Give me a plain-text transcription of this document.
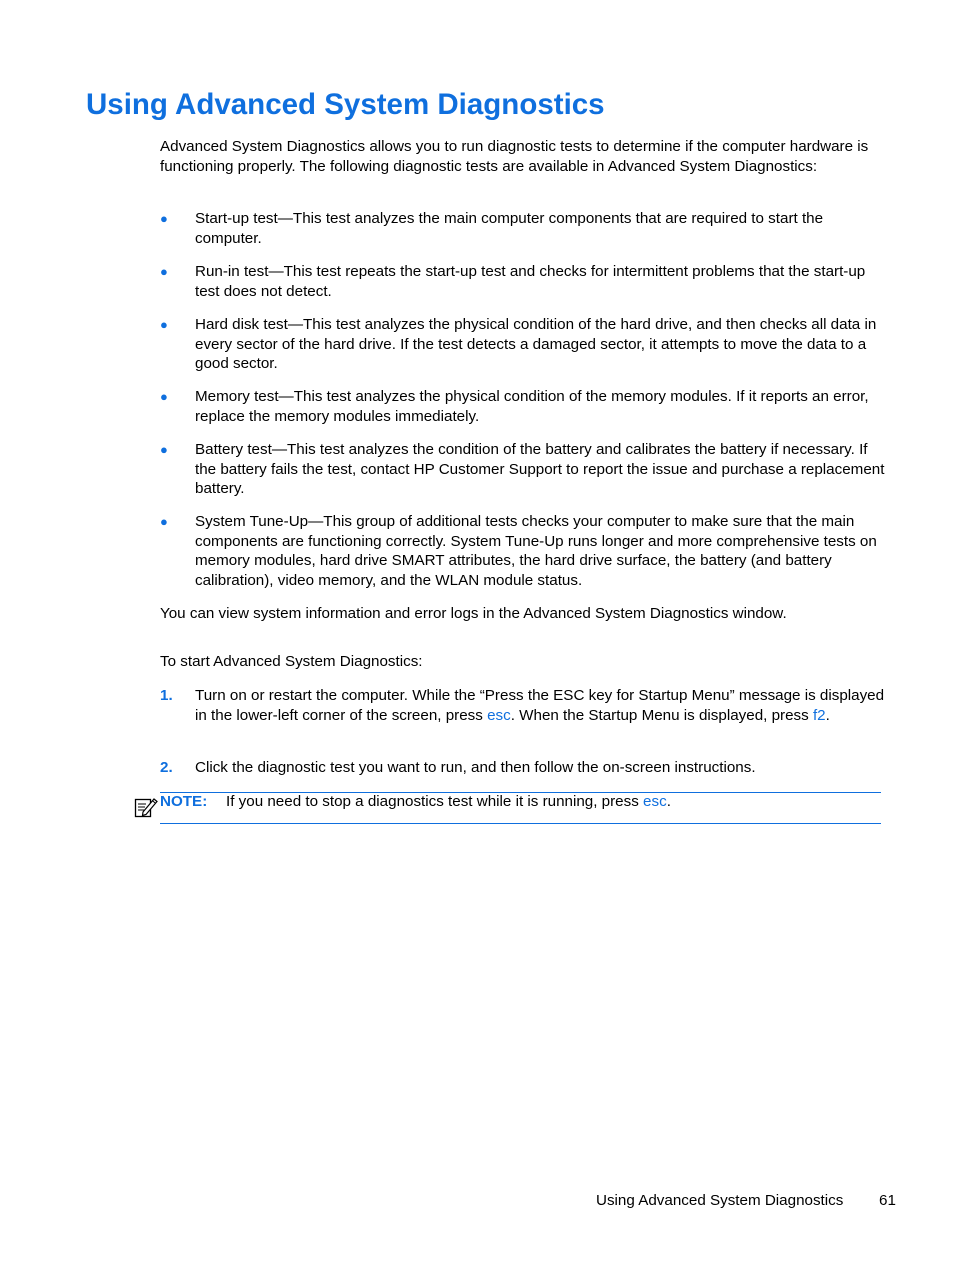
Using Advanced System Diagnostics

Advanced System Diagnostics allows you to run diagnostic tests to determine if the computer hardware is functioning properly. The following diagnostic tests are available in Advanced System Diagnostics:

● Start-up test—This test analyzes the main computer components that are required to start the computer.
● Run-in test—This test repeats the start-up test and checks for intermittent problems that the start-up test does not detect.
● Hard disk test—This test analyzes the physical condition of the hard drive, and then checks all data in every sector of the hard drive. If the test detects a damaged sector, it attempts to move the data to a good sector.
● Memory test—This test analyzes the physical condition of the memory modules. If it reports an error, replace the memory modules immediately.
● Battery test—This test analyzes the condition of the battery and calibrates the battery if necessary. If the battery fails the test, contact HP Customer Support to report the issue and purchase a replacement battery.
● System Tune-Up—This group of additional tests checks your computer to make sure that the main components are functioning correctly. System Tune-Up runs longer and more comprehensive tests on memory modules, hard drive SMART attributes, the hard drive surface, the battery (and battery calibration), video memory, and the WLAN module status.

You can view system information and error logs in the Advanced System Diagnostics window.

To start Advanced System Diagnostics:

1. Turn on or restart the computer. While the “Press the ESC key for Startup Menu” message is displayed in the lower-left corner of the screen, press esc. When the Startup Menu is displayed, press f2.
2. Click the diagnostic test you want to run, and then follow the on-screen instructions.
NOTE: If you need to stop a diagnostics test while it is running, press esc.
Using Advanced System Diagnostics 61
